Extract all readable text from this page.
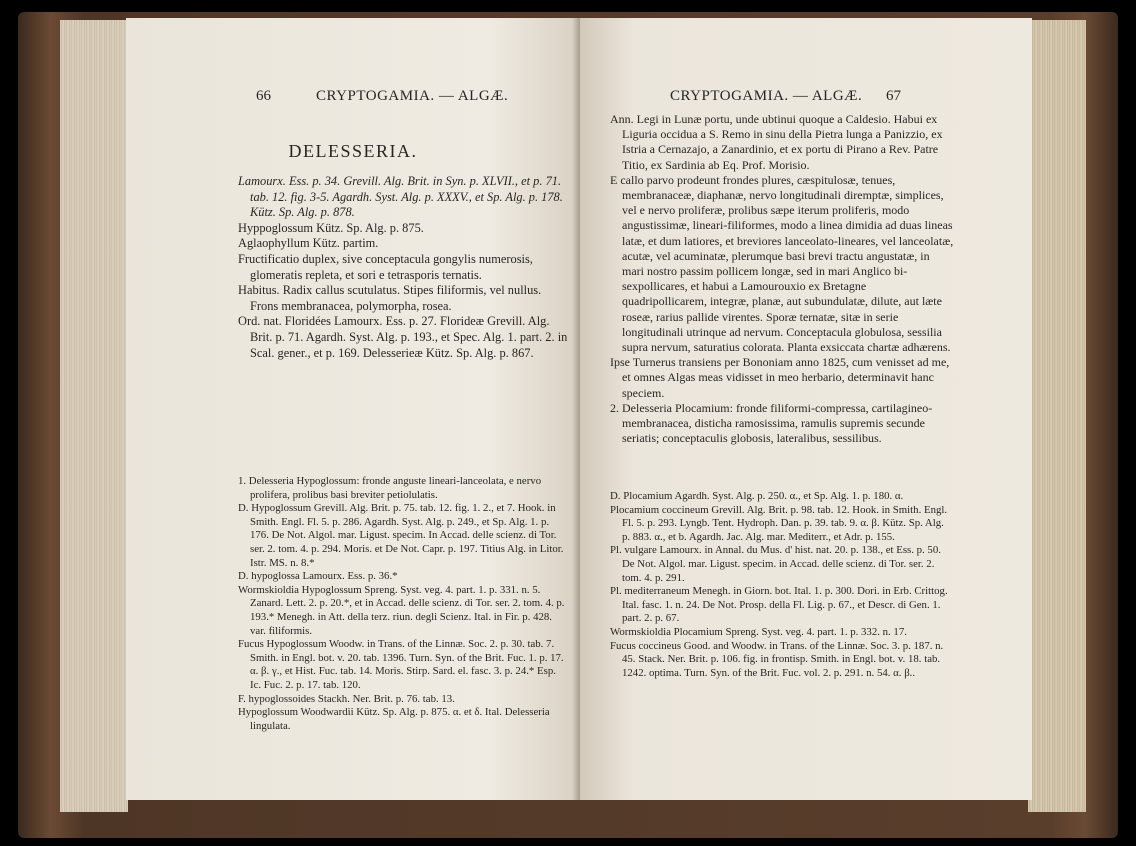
66	CRYPTOGAMIA. — ALGÆ.
DELESSERIA.

Lamourx. Ess. p. 34. Grevill. Alg. Brit. in Syn. p. XLVII., et p. 71. tab. 12. fig. 3-5. Agardh. Syst. Alg. p. XXXV., et Sp. Alg. p. 178. Kütz. Sp. Alg. p. 878.

Hyppoglossum Kütz. Sp. Alg. p. 875.

Aglaophyllum Kütz. partim.

Fructificatio duplex, sive conceptacula gongylis numerosis, glomeratis repleta, et sori e tetrasporis ternatis.

Habitus. Radix callus scutulatus. Stipes filiformis, vel nullus. Frons membranacea, polymorpha, rosea.

Ord. nat. Floridées Lamourx. Ess. p. 27. Florideæ Grevill. Alg. Brit. p. 71. Agardh. Syst. Alg. p. 193., et Spec. Alg. 1. part. 2. in Scal. gener., et p. 169. Delesserieæ Kütz. Sp. Alg. p. 867.

1. Delesseria Hypoglossum: fronde anguste lineari-lanceolata, e nervo prolifera, prolibus basi breviter petiolulatis.

D. Hypoglossum Grevill. Alg. Brit. p. 75. tab. 12. fig. 1. 2., et 7. Hook. in Smith. Engl. Fl. 5. p. 286. Agardh. Syst. Alg. p. 249., et Sp. Alg. 1. p. 176. De Not. Algol. mar. Ligust. specim. In Accad. delle scienz. di Tor. ser. 2. tom. 4. p. 294. Moris. et De Not. Capr. p. 197. Titius Alg. in Litor. Istr. MS. n. 8.*

D. hypoglossa Lamourx. Ess. p. 36.*

Wormskioldia Hypoglossum Spreng. Syst. veg. 4. part. 1. p. 331. n. 5. Zanard. Lett. 2. p. 20.*, et in Accad. delle scienz. di Tor. ser. 2. tom. 4. p. 193.* Menegh. in Att. della terz. riun. degli Scienz. Ital. in Fir. p. 428. var. filiformis.

Fucus Hypoglossum Woodw. in Trans. of the Linnæ. Soc. 2. p. 30. tab. 7. Smith. in Engl. bot. v. 20. tab. 1396. Turn. Syn. of the Brit. Fuc. 1. p. 17. α. β. γ., et Hist. Fuc. tab. 14. Moris. Stirp. Sard. el. fasc. 3. p. 24.* Esp. Ic. Fuc. 2. p. 17. tab. 120.

F. hypoglossoides Stackh. Ner. Brit. p. 76. tab. 13.

Hypoglossum Woodwardii Kütz. Sp. Alg. p. 875. α. et δ. Ital. Delesseria lingulata.

CRYPTOGAMIA. — ALGÆ. 67

Ann. Legi in Lunæ portu, unde ubtinui quoque a Caldesio. Habui ex Liguria occidua a S. Remo in sinu della Pietra lunga a Panizzio, ex Istria a Cernazajo, a Zanardinio, et ex portu di Pirano a Rev. Patre Titio, ex Sardinia ab Eq. Prof. Morisio.

E callo parvo prodeunt frondes plures, cæspitulosæ, tenues, membranaceæ, diaphanæ, nervo longitudinali diremptæ, simplices, vel e nervo proliferæ, prolibus sæpe iterum proliferis, modo angustissimæ, lineari-filiformes, modo a linea dimidia ad duas lineas latæ, et dum latiores, et breviores lanceolato-lineares, vel lanceolatæ, acutæ, vel acuminatæ, plerumque basi brevi tractu angustatæ, in mari nostro passim pollicem longæ, sed in mari Anglico bi-sexpollicares, et habui a Lamourouxio ex Bretagne quadripollicarem, integræ, planæ, aut subundulatæ, dilute, aut læte roseæ, rarius pallide virentes. Sporæ ternatæ, sitæ in serie longitudinali utrinque ad nervum. Conceptacula globulosa, sessilia supra nervum, saturatius colorata. Planta exsiccata chartæ adhærens.

Ipse Turnerus transiens per Bononiam anno 1825, cum venisset ad me, et omnes Algas meas vidisset in meo herbario, determinavit hanc speciem.

2. Delesseria Plocamium: fronde filiformi-compressa, cartilagineo-membranacea, disticha ramosissima, ramulis supremis secunde seriatis; conceptaculis globosis, lateralibus, sessilibus.

D. Plocamium Agardh. Syst. Alg. p. 250. α., et Sp. Alg. 1. p. 180. α.

Plocamium coccineum Grevill. Alg. Brit. p. 98. tab. 12. Hook. in Smith. Engl. Fl. 5. p. 293. Lyngb. Tent. Hydroph. Dan. p. 39. tab. 9. α. β. Kütz. Sp. Alg. p. 883. α., et b. Agardh. Jac. Alg. mar. Mediterr., et Adr. p. 155.

Pl. vulgare Lamourx. in Annal. du Mus. d' hist. nat. 20. p. 138., et Ess. p. 50. De Not. Algol. mar. Ligust. specim. in Accad. delle scienz. di Tor. ser. 2. tom. 4. p. 291.

Pl. mediterraneum Menegh. in Giorn. bot. Ital. 1. p. 300. Dori. in Erb. Crittog. Ital. fasc. 1. n. 24. De Not. Prosp. della Fl. Lig. p. 67., et Descr. di Gen. 1. part. 2. p. 67.

Wormskioldia Plocamium Spreng. Syst. veg. 4. part. 1. p. 332. n. 17.

Fucus coccineus Good. and Woodw. in Trans. of the Linnæ. Soc. 3. p. 187. n. 45. Stack. Ner. Brit. p. 106. fig. in frontisp. Smith. in Engl. bot. v. 18. tab. 1242. optima. Turn. Syn. of the Brit. Fuc. vol. 2. p. 291. n. 54. α. β..
